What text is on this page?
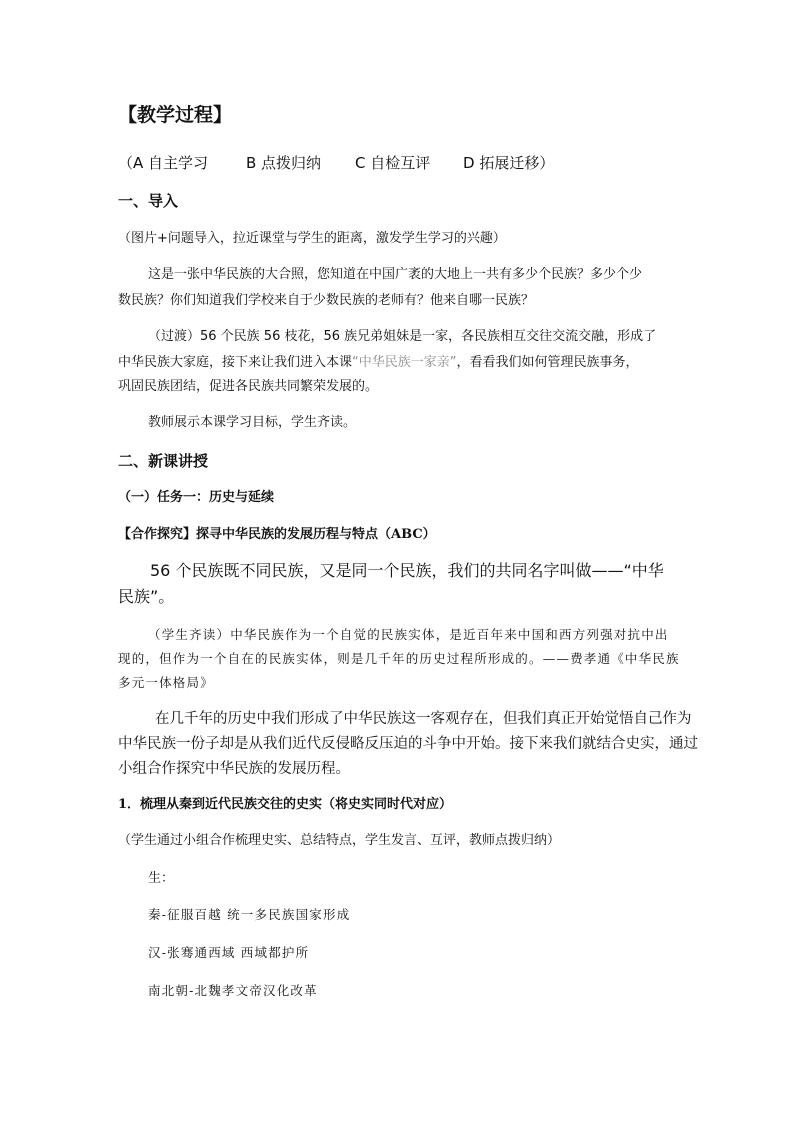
【教学过程】
（A 自主学习	B 点拨归纳 C 自检互评 D 拓展迁移）
一、导入
（图片+问题导入，拉近课堂与学生的距离，激发学生学习的兴趣）
这是一张中华民族的大合照，您知道在中国广袤的大地上一共有多少个民族？多少个少
数民族？你们知道我们学校来自于少数民族的老师有？他来自哪一民族？
（过渡）56 个民族 56 枝花，56 族兄弟姐妹是一家，各民族相互交往交流交融，形成了
中华民族大家庭，接下来让我们进入本课“中华民族一家亲”，看看我们如何管理民族事务，
巩固民族团结，促进各民族共同繁荣发展的。
教师展示本课学习目标，学生齐读。
二、新课讲授
（一）任务一：历史与延续
【合作探究】探寻中华民族的发展历程与特点（ABC）
56 个民族既不同民族，又是同一个民族，我们的共同名字叫做——“中华
民族”。
（学生齐读）中华民族作为一个自觉的民族实体，是近百年来中国和西方列强对抗中出
现的，但作为一个自在的民族实体，则是几千年的历史过程所形成的。——费孝通《中华民族
多元一体格局》
在几千年的历史中我们形成了中华民族这一客观存在，但我们真正开始觉悟自己作为
中华民族一份子却是从我们近代反侵略反压迫的斗争中开始。接下来我们就结合史实，通过
小组合作探究中华民族的发展历程。
1．梳理从秦到近代民族交往的史实（将史实同时代对应）
（学生通过小组合作梳理史实、总结特点，学生发言、互评，教师点拨归纳）
生：
秦-征服百越 统一多民族国家形成
汉-张骞通西域 西域都护所
南北朝-北魏孝文帝汉化改革
